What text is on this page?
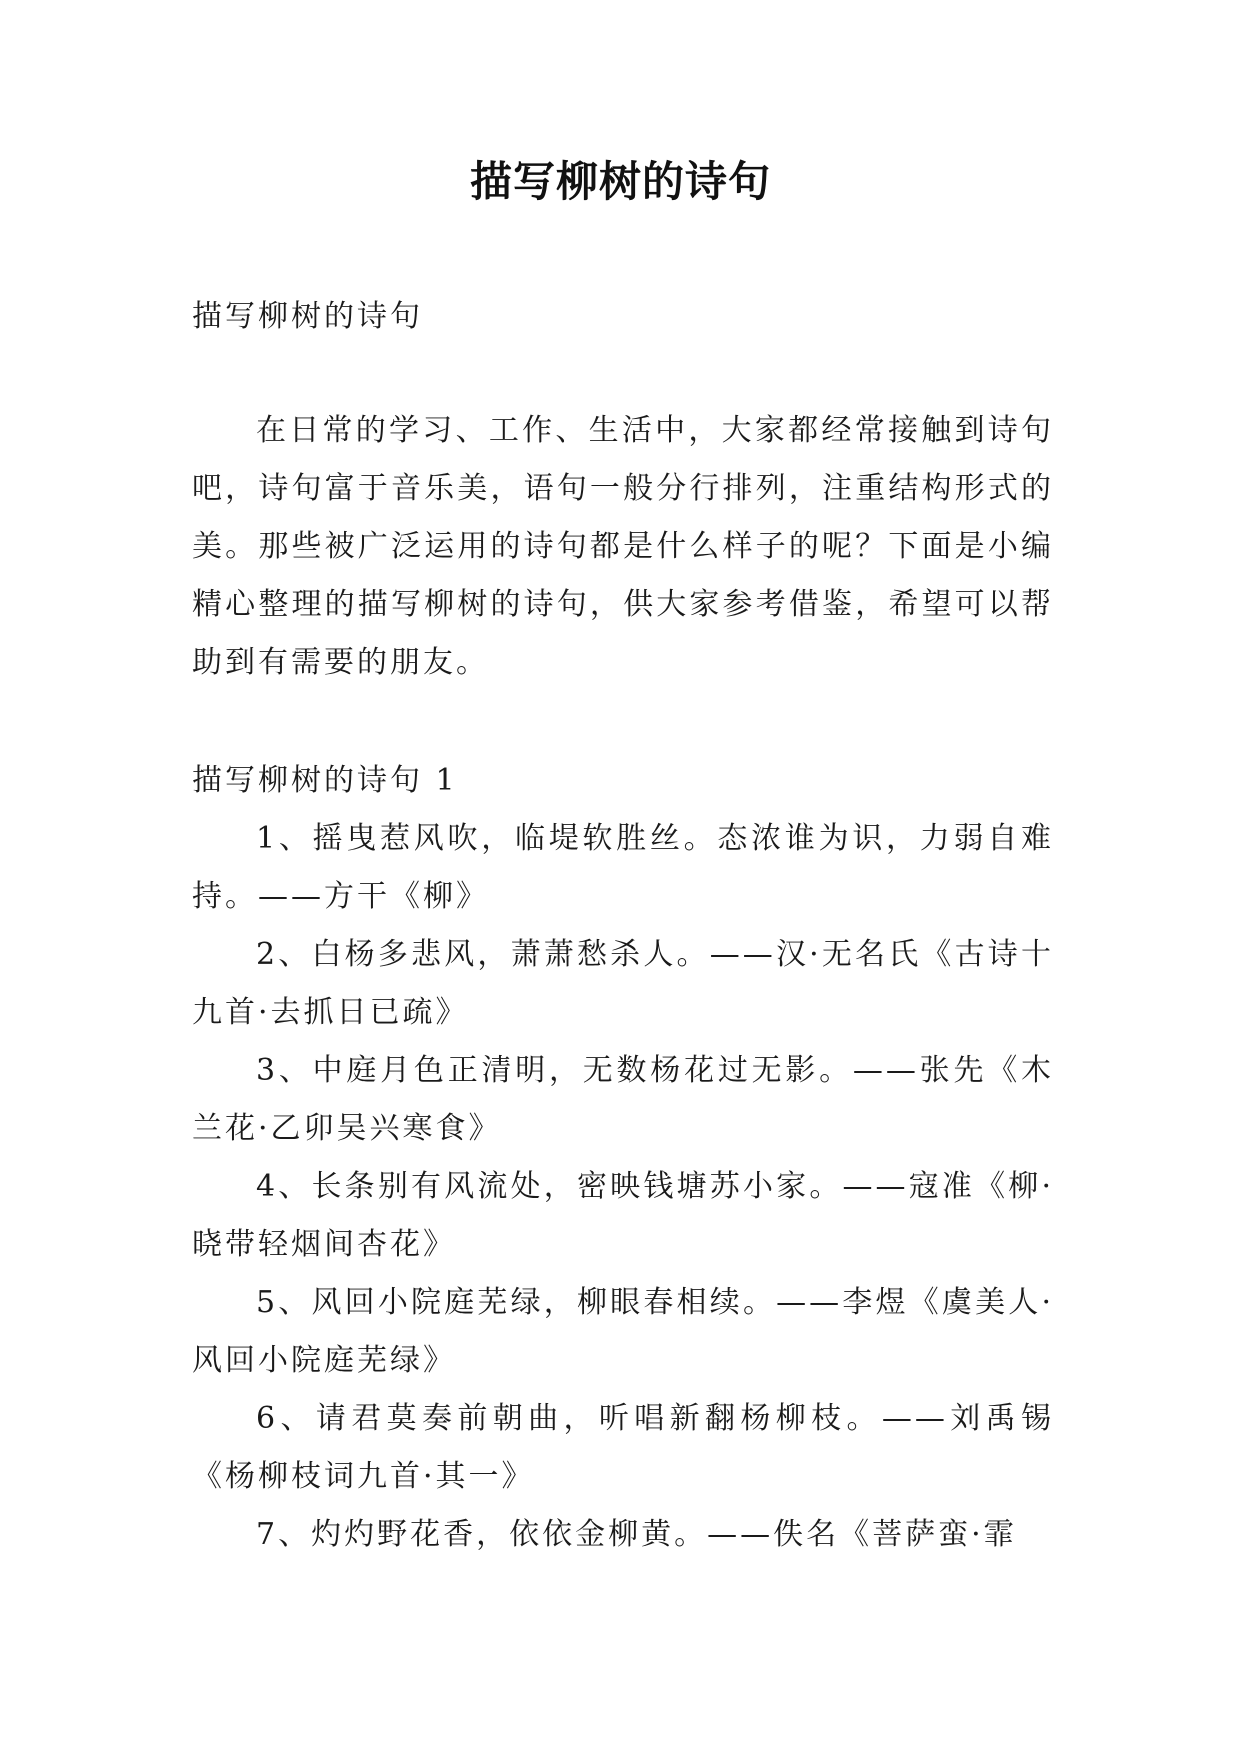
描写柳树的诗句

描写柳树的诗句

在日常的学习、工作、生活中，大家都经常接触到诗句吧，诗句富于音乐美，语句一般分行排列，注重结构形式的美。那些被广泛运用的诗句都是什么样子的呢？下面是小编精心整理的描写柳树的诗句，供大家参考借鉴，希望可以帮助到有需要的朋友。

描写柳树的诗句 1

1、摇曳惹风吹，临堤软胜丝。态浓谁为识，力弱自难持。——方干《柳》
2、白杨多悲风，萧萧愁杀人。——汉·无名氏《古诗十九首·去抓日已疏》
3、中庭月色正清明，无数杨花过无影。——张先《木兰花·乙卯吴兴寒食》
4、长条别有风流处，密映钱塘苏小家。——寇准《柳·晓带轻烟间杏花》
5、风回小院庭芜绿，柳眼春相续。——李煜《虞美人·风回小院庭芜绿》
6、请君莫奏前朝曲，听唱新翻杨柳枝。——刘禹锡《杨柳枝词九首·其一》
7、灼灼野花香，依依金柳黄。——佚名《菩萨蛮·霏
